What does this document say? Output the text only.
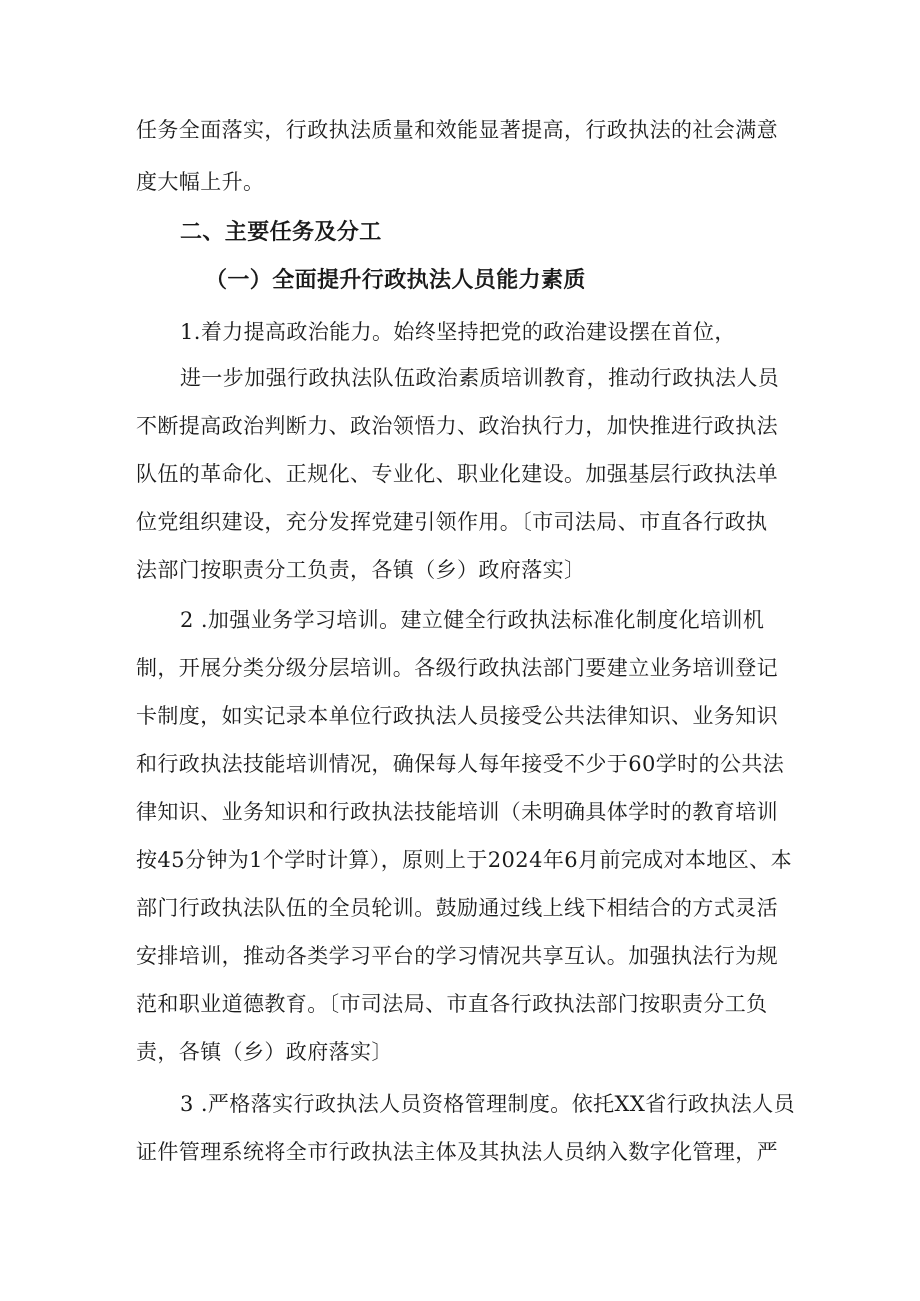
任务全面落实，行政执法质量和效能显著提高，行政执法的社会满意
度大幅上升。
二、主要任务及分工
（一）全面提升行政执法人员能力素质
1.着力提高政治能力。始终坚持把党的政治建设摆在首位，
进一步加强行政执法队伍政治素质培训教育，推动行政执法人员
不断提高政治判断力、政治领悟力、政治执行力，加快推进行政执法
队伍的革命化、正规化、专业化、职业化建设。加强基层行政执法单
位党组织建设，充分发挥党建引领作用。〔市司法局、市直各行政执
法部门按职责分工负责，各镇（乡）政府落实〕
2 .加强业务学习培训。建立健全行政执法标准化制度化培训机
制，开展分类分级分层培训。各级行政执法部门要建立业务培训登记
卡制度，如实记录本单位行政执法人员接受公共法律知识、业务知识
和行政执法技能培训情况，确保每人每年接受不少于60学时的公共法
律知识、业务知识和行政执法技能培训（未明确具体学时的教育培训
按45分钟为1个学时计算），原则上于2024年6月前完成对本地区、本
部门行政执法队伍的全员轮训。鼓励通过线上线下相结合的方式灵活
安排培训，推动各类学习平台的学习情况共享互认。加强执法行为规
范和职业道德教育。〔市司法局、市直各行政执法部门按职责分工负
责，各镇（乡）政府落实〕
3 .严格落实行政执法人员资格管理制度。依托XX省行政执法人员
证件管理系统将全市行政执法主体及其执法人员纳入数字化管理，严
